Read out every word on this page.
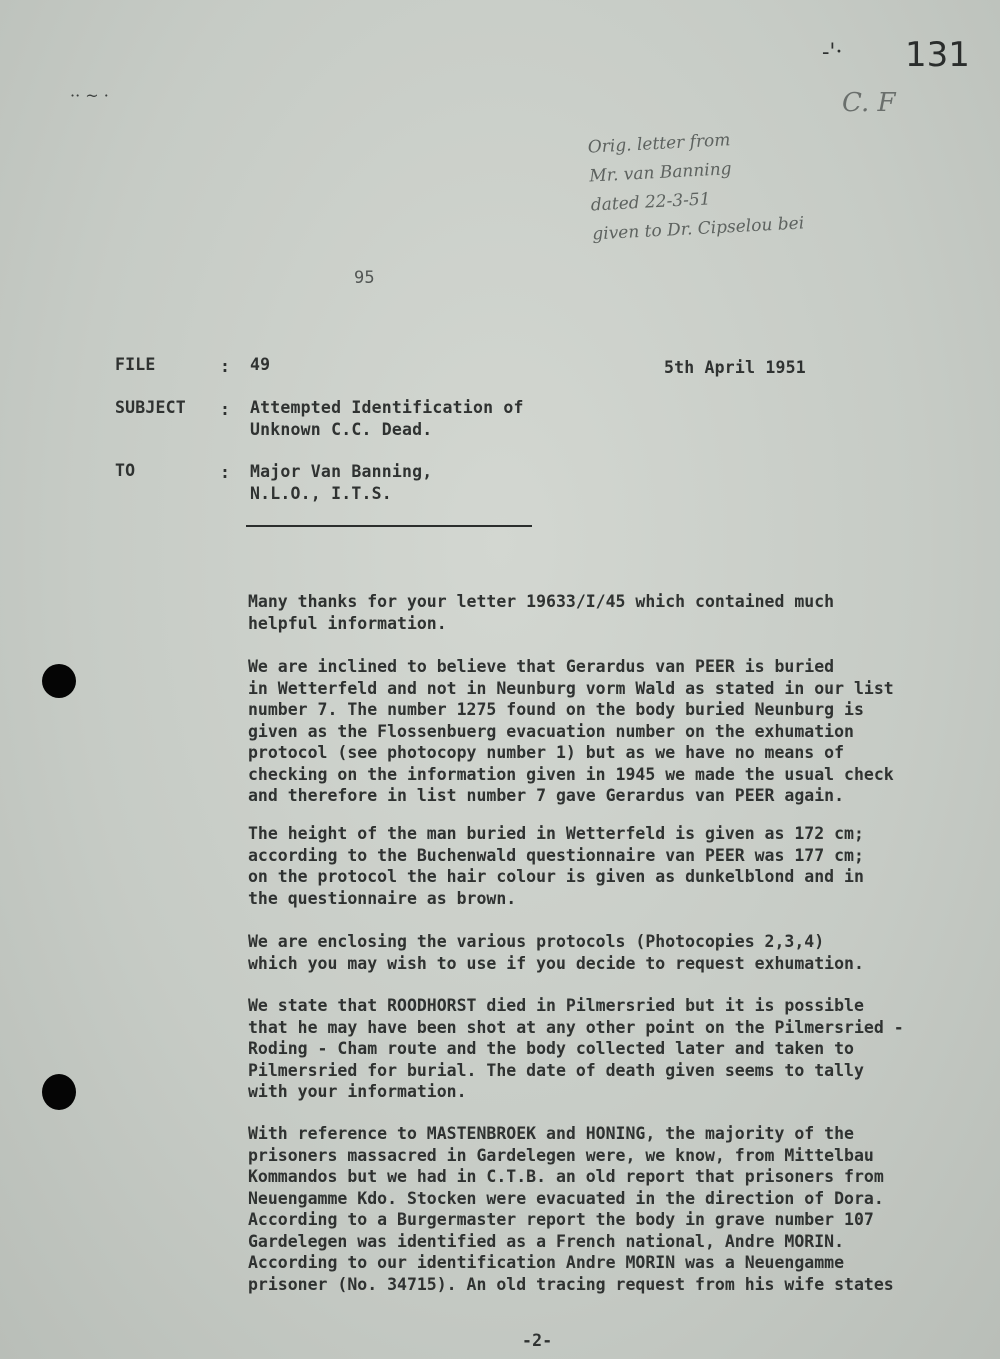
·· ~ ·
-'· 131
C. F
Orig. letter from
Mr. van Banning
dated 22-3-51
given to Dr. Cipselou bei
95
FILE	: 49	5th April 1951
SUBJECT : Attempted Identification of
Unknown C.C. Dead.
TO	: Major Van Banning,
N.L.O., I.T.S.
Many thanks for your letter 19633/I/45 which contained much
helpful information.
We are inclined to believe that Gerardus van PEER is buried
in Wetterfeld and not in Neunburg vorm Wald as stated in our list
number 7. The number 1275 found on the body buried Neunburg is
given as the Flossenbuerg evacuation number on the exhumation
protocol (see photocopy number 1) but as we have no means of
checking on the information given in 1945 we made the usual check
and therefore in list number 7 gave Gerardus van PEER again.
The height of the man buried in Wetterfeld is given as 172 cm;
according to the Buchenwald questionnaire van PEER was 177 cm;
on the protocol the hair colour is given as dunkelblond and in
the questionnaire as brown.
We are enclosing the various protocols (Photocopies 2,3,4)
which you may wish to use if you decide to request exhumation.
We state that ROODHORST died in Pilmersried but it is possible
that he may have been shot at any other point on the Pilmersried -
Roding - Cham route and the body collected later and taken to
Pilmersried for burial. The date of death given seems to tally
with your information.
With reference to MASTENBROEK and HONING, the majority of the
prisoners massacred in Gardelegen were, we know, from Mittelbau
Kommandos but we had in C.T.B. an old report that prisoners from
Neuengamme Kdo. Stocken were evacuated in the direction of Dora.
According to a Burgermaster report the body in grave number 107
Gardelegen was identified as a French national, Andre MORIN.
According to our identification Andre MORIN was a Neuengamme
prisoner (No. 34715). An old tracing request from his wife states
-2-
